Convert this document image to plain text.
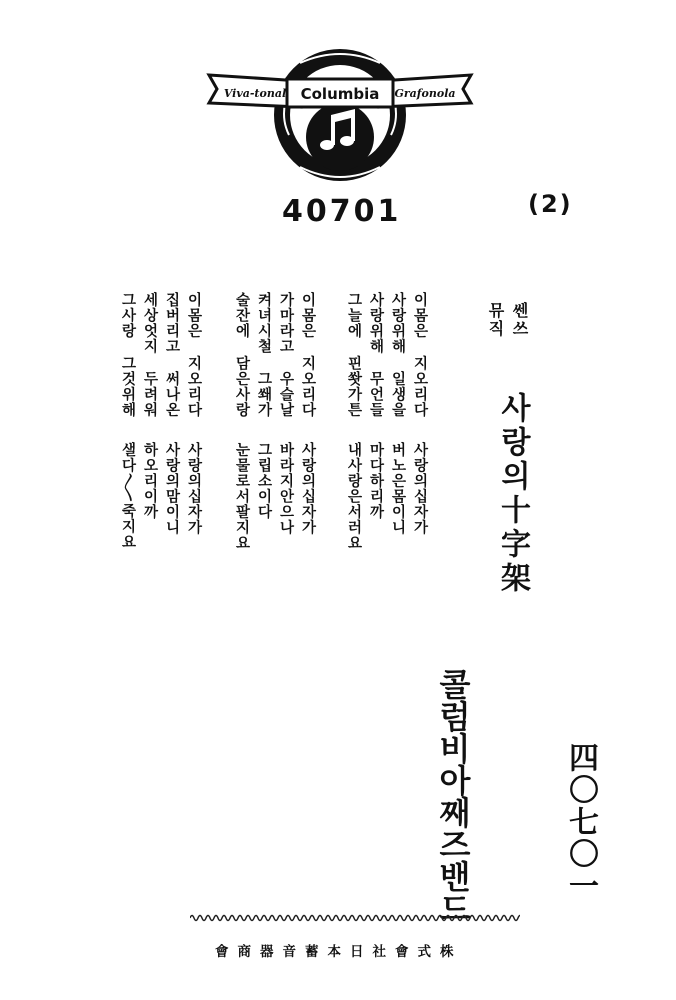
Viva-tonal Columbia Grafonola
40701	(2)
쎈쓰
뮤직
사랑의十字架
이몸은 지오리다
사랑의십자가
사랑위해 일생을
버노은몸이니
사랑위해 무언들
마다하리까
그늘에 핀쐇가튼
내사랑은서러요
이몸은 지오리다
사랑의십자가
가마라고 우슬날
바라지안으나
켜녀시철 그쐐가
그립소이다
술잔에 담은사랑
눈물로서팔지요
이몸은 지오리다
사랑의십자가
집버리고 써나온
사랑의맘이니
세상엇지 두려워
하오리이까
그사랑 그것위해
샐다〳〵죽지요
콜럼비아째즈밴드	四〇七〇一
會商器音蓄本日社會式株
